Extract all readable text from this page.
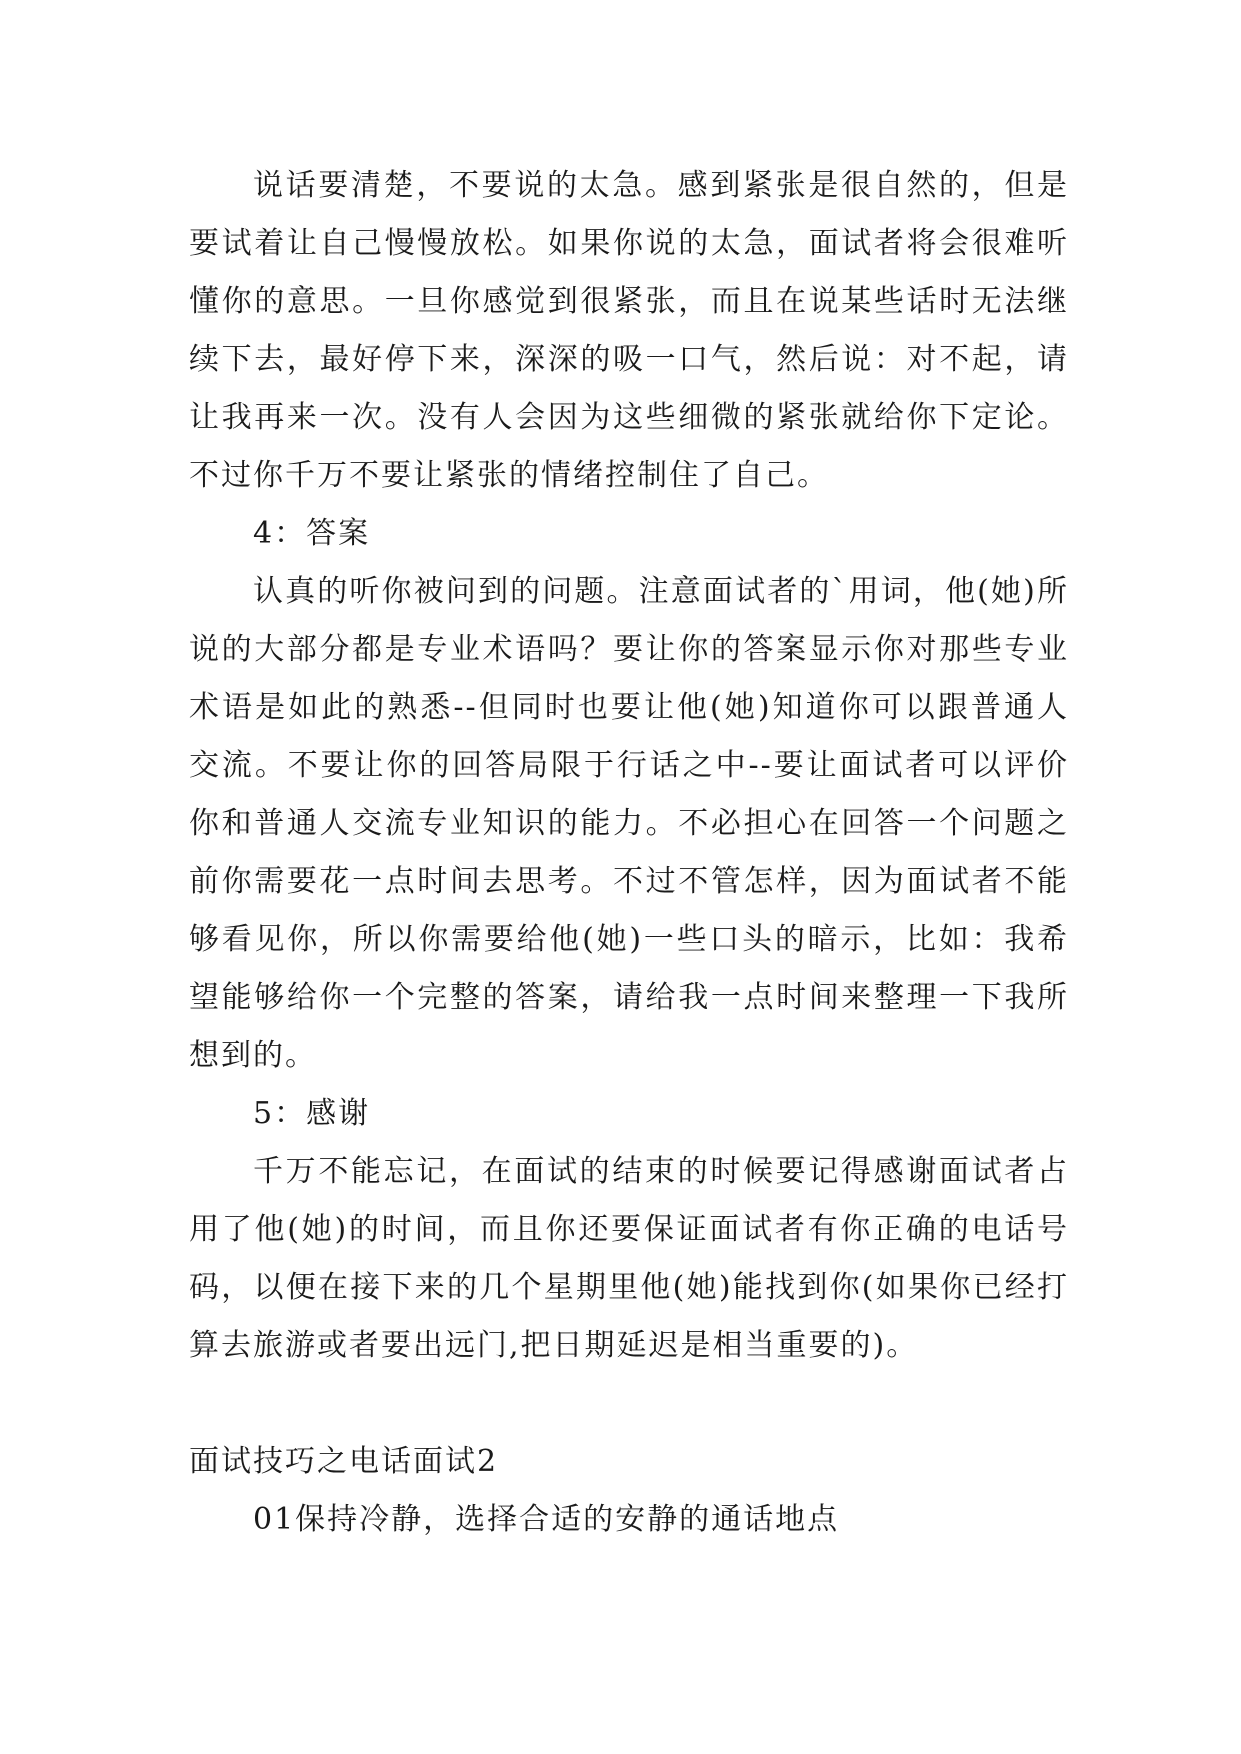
说话要清楚，不要说的太急。感到紧张是很自然的，但是要试着让自己慢慢放松。如果你说的太急，面试者将会很难听懂你的意思。一旦你感觉到很紧张，而且在说某些话时无法继续下去，最好停下来，深深的吸一口气，然后说：对不起，请让我再来一次。没有人会因为这些细微的紧张就给你下定论。不过你千万不要让紧张的情绪控制住了自己。

4：答案

认真的听你被问到的问题。注意面试者的`用词，他(她)所说的大部分都是专业术语吗？要让你的答案显示你对那些专业术语是如此的熟悉--但同时也要让他(她)知道你可以跟普通人交流。不要让你的回答局限于行话之中--要让面试者可以评价你和普通人交流专业知识的能力。不必担心在回答一个问题之前你需要花一点时间去思考。不过不管怎样，因为面试者不能够看见你，所以你需要给他(她)一些口头的暗示，比如：我希望能够给你一个完整的答案，请给我一点时间来整理一下我所想到的。

5：感谢

千万不能忘记，在面试的结束的时候要记得感谢面试者占用了他(她)的时间，而且你还要保证面试者有你正确的电话号码，以便在接下来的几个星期里他(她)能找到你(如果你已经打算去旅游或者要出远门,把日期延迟是相当重要的)。

面试技巧之电话面试2

01保持冷静，选择合适的安静的通话地点
